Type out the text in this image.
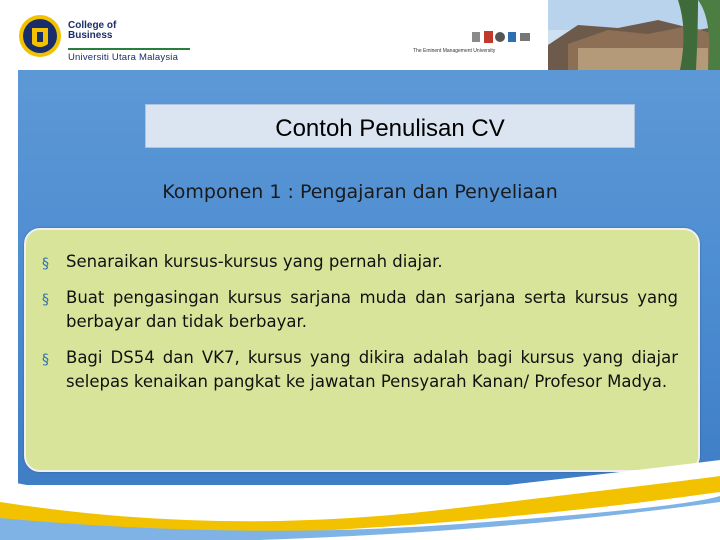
College of
Business
Universiti Utara Malaysia
The Eminent Management University
Contoh Penulisan CV
Komponen 1 : Pengajaran dan Penyeliaan
§ Senaraikan kursus-kursus yang pernah diajar.
§ Buat pengasingan kursus sarjana muda dan sarjana serta kursus yang berbayar dan tidak berbayar.
§ Bagi DS54 dan VK7, kursus yang dikira adalah bagi kursus yang diajar selepas kenaikan pangkat ke jawatan Pensyarah Kanan/ Profesor Madya.
